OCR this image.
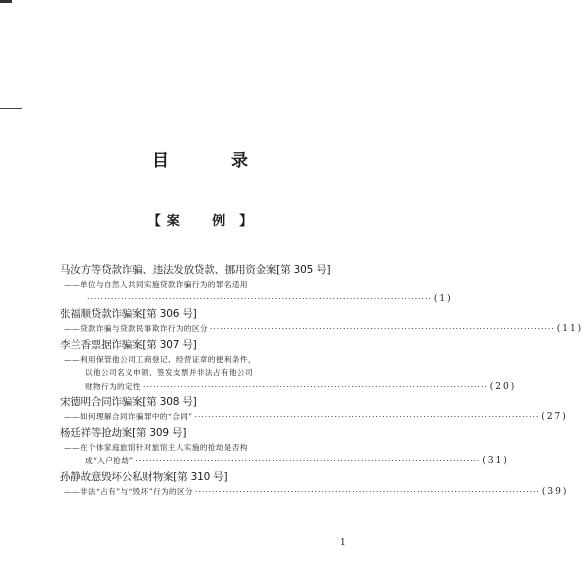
目 录
【 案 例】
马汝方等贷款诈骗、违法发放贷款、挪用资金案[第 305 号]
——单位与自然人共同实施贷款诈骗行为的罪名适用
····································································································· (1)
张福顺贷款诈骗案[第 306 号]
——贷款诈骗与贷款民事欺诈行为的区分 ····································································································· (11)
李兰香票据诈骗案[第 307 号]
——利用保管他公司工商登记、经营证章的便利条件，
以他公司名义申领、签发支票并非法占有他公司
财物行为的定性 ····································································································· (20)
宋德明合同诈骗案[第 308 号]
——如何理解合同诈骗罪中的“合同” ····································································································· (27)
杨廷祥等抢劫案[第 309 号]
——在个体家庭旅馆针对旅馆主人实施的抢劫是否构
成“入户抢劫” ····································································································· (31)
孙静故意毁坏公私财物案[第 310 号]
——非法“占有”与“毁坏”行为的区分 ····································································································· (39)
1
